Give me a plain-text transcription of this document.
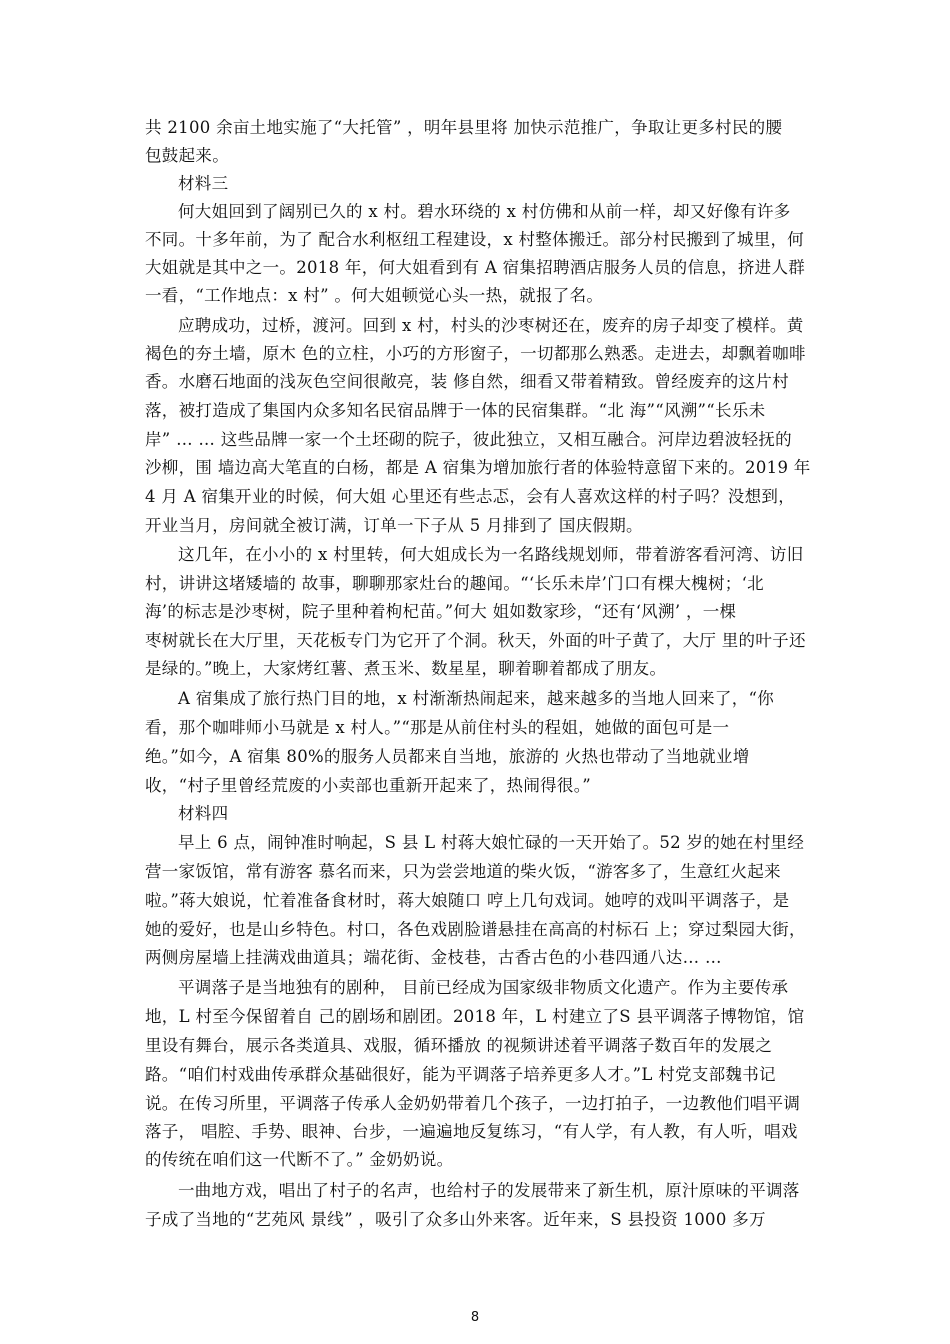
共 2100 余亩土地实施了“大托管” ，明年县里将 加快示范推广，争取让更多村民的腰
包鼓起来。
材料三
何大姐回到了阔别已久的 x 村。碧水环绕的 x 村仿佛和从前一样，却又好像有许多
不同。十多年前，为了 配合水利枢纽工程建设，x 村整体搬迁。部分村民搬到了城里，何
大姐就是其中之一。2018 年，何大姐看到有 A 宿集招聘酒店服务人员的信息，挤进人群
一看，“工作地点：x 村” 。何大姐顿觉心头一热，就报了名。
应聘成功，过桥，渡河。回到 x 村，村头的沙枣树还在，废弃的房子却变了模样。黄
褐色的夯土墙，原木 色的立柱，小巧的方形窗子，一切都那么熟悉。走进去，却飘着咖啡
香。水磨石地面的浅灰色空间很敞亮，装 修自然，细看又带着精致。曾经废弃的这片村
落，被打造成了集国内众多知名民宿品牌于一体的民宿集群。“北 海”“风溯”“长乐未
岸” … … 这些品牌一家一个土坯砌的院子，彼此独立，又相互融合。河岸边碧波轻抚的
沙柳，围 墙边高大笔直的白杨，都是 A 宿集为增加旅行者的体验特意留下来的。2019 年
4 月 A 宿集开业的时候，何大姐 心里还有些忐忑，会有人喜欢这样的村子吗？没想到，
开业当月，房间就全被订满，订单一下子从 5 月排到了 国庆假期。
这几年，在小小的 x 村里转，何大姐成长为一名路线规划师，带着游客看河湾、访旧
村，讲讲这堵矮墙的 故事，聊聊那家灶台的趣闻。“‘长乐未岸’门口有棵大槐树；‘北
海’的标志是沙枣树，院子里种着枸杞苗。”何大 姐如数家珍，“还有‘风溯’ ，一棵
枣树就长在大厅里，天花板专门为它开了个洞。秋天，外面的叶子黄了，大厅 里的叶子还
是绿的。”晚上，大家烤红薯、煮玉米、数星星，聊着聊着都成了朋友。
A 宿集成了旅行热门目的地，x 村渐渐热闹起来，越来越多的当地人回来了，“你
看，那个咖啡师小马就是 x 村人。”“那是从前住村头的程姐，她做的面包可是一
绝。”如今，A 宿集 80%的服务人员都来自当地，旅游的 火热也带动了当地就业增
收，“村子里曾经荒废的小卖部也重新开起来了，热闹得很。”
材料四
早上 6 点，闹钟准时响起，S 县 L 村蒋大娘忙碌的一天开始了。52 岁的她在村里经
营一家饭馆，常有游客 慕名而来，只为尝尝地道的柴火饭，“游客多了，生意红火起来
啦。”蒋大娘说，忙着准备食材时，蒋大娘随口 哼上几句戏词。她哼的戏叫平调落子，是
她的爱好，也是山乡特色。村口，各色戏剧脸谱悬挂在高高的村标石 上；穿过梨园大街，
两侧房屋墙上挂满戏曲道具；端花街、金枝巷，古香古色的小巷四通八达… …
平调落子是当地独有的剧种， 目前已经成为国家级非物质文化遗产。作为主要传承
地，L 村至今保留着自 己的剧场和剧团。2018 年，L 村建立了S 县平调落子博物馆，馆
里设有舞台，展示各类道具、戏服，循环播放 的视频讲述着平调落子数百年的发展之
路。“咱们村戏曲传承群众基础很好，能为平调落子培养更多人才。”L 村党支部魏书记
说。在传习所里，平调落子传承人金奶奶带着几个孩子，一边打拍子，一边教他们唱平调
落子， 唱腔、手势、眼神、台步，一遍遍地反复练习，“有人学，有人教，有人听，唱戏
的传统在咱们这一代断不了。” 金奶奶说。
一曲地方戏，唱出了村子的名声，也给村子的发展带来了新生机，原汁原味的平调落
子成了当地的“艺苑风 景线” ，吸引了众多山外来客。近年来，S 县投资 1000 多万
8
